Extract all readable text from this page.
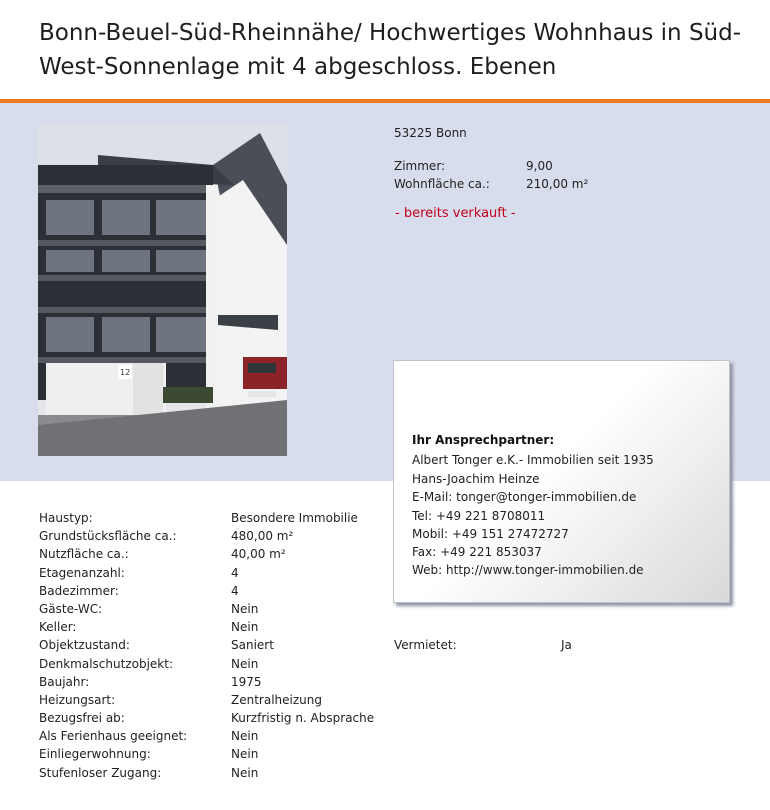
Bonn-Beuel-Süd-Rheinnähe/ Hochwertiges Wohnhaus in Süd-West-Sonnenlage mit 4 abgeschloss. Ebenen
12
53225 Bonn
Zimmer:	9,00
Wohnfläche ca.:	210,00 m²
- bereits verkauft -
Ihr Ansprechpartner:
Albert Tonger e.K.- Immobilien seit 1935
Hans-Joachim Heinze
E-Mail: tonger@tonger-immobilien.de
Tel: +49 221 8708011
Mobil: +49 151 27472727
Fax: +49 221 853037
Web: http://www.tonger-immobilien.de
Haustyp:	Besondere Immobilie
Grundstücksfläche ca.:	480,00 m²
Nutzfläche ca.:	40,00 m²
Etagenanzahl:	4
Badezimmer:	4
Gäste-WC:	Nein
Keller:	Nein
Objektzustand:	Saniert	Vermietet:	Ja
Denkmalschutzobjekt:	Nein
Baujahr:	1975
Heizungsart:	Zentralheizung
Bezugsfrei ab:	Kurzfristig n. Absprache
Als Ferienhaus geeignet:	Nein
Einliegerwohnung:	Nein
Stufenloser Zugang:	Nein
